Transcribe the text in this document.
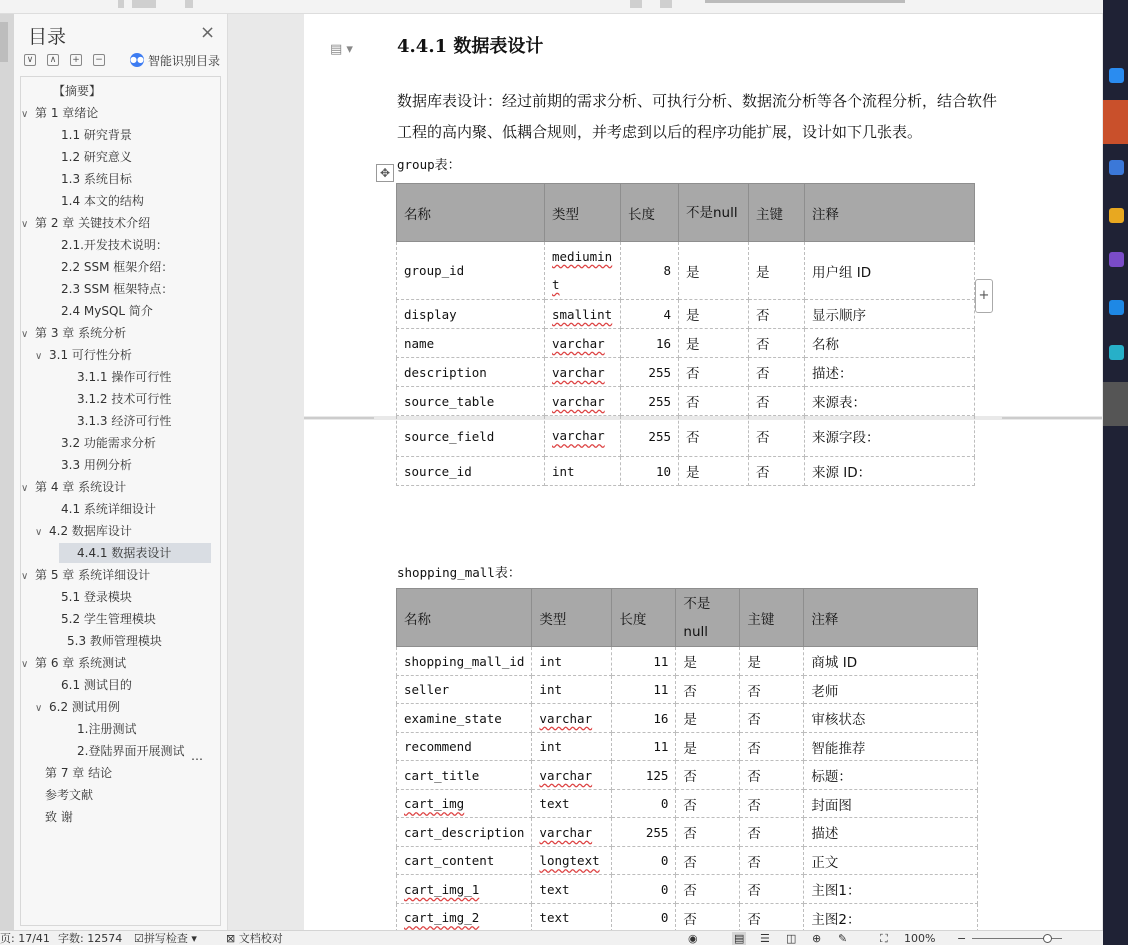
目录	×
∨	∧	+ −	●● 智能识别目录
【摘要】
∨ 第 1 章绪论
1.1 研究背景
1.2 研究意义
1.3 系统目标
1.4 本文的结构
∨ 第 2 章 关键技术介绍
2.1.开发技术说明：
2.2 SSM 框架介绍：
2.3 SSM 框架特点：
2.4 MySQL 简介
∨ 第 3 章 系统分析
∨ 3.1 可行性分析
3.1.1 操作可行性
3.1.2 技术可行性
3.1.3 经济可行性
3.2 功能需求分析
3.3 用例分析
∨ 第 4 章 系统设计
4.1 系统详细设计
∨ 4.2 数据库设计
4.4.1 数据表设计
∨ 第 5 章 系统详细设计
5.1 登录模块
5.2 学生管理模块
5.3 教师管理模块
∨ 第 6 章 系统测试
6.1 测试目的
∨ 6.2 测试用例
1.注册测试
2.登陆界面开展测试
第 7 章 结论
参考文献
致 谢
…
▤ ▾ 4.4.1 数据表设计
数据库表设计：经过前期的需求分析、可执行分析、数据流分析等各个流程分析，结合软件工程的高内聚、低耦合规则，并考虑到以后的程序功能扩展，设计如下几张表。
group表：
✥
名称	类型	长度	不是null	主键	注释
group_id	mediumint	8	是	是	用户组 ID
display	smallint	4	是	否	显示顺序
name	varchar	16	是	否	名称
description	varchar	255	否	否	描述：
source_table	varchar	255	否	否	来源表：
source_field	varchar	255	否	否	来源字段：
source_id	int	10	是	否	来源 ID：
+
shopping_mall表：
名称	类型	长度	不是null	主键	注释
shopping_mall_id	int	11	是	是	商城 ID
seller	int	11	否	否	老师
examine_state	varchar	16	是	否	审核状态
recommend	int	11	是	否	智能推荐
cart_title	varchar	125	否	否	标题：
cart_img	text	0	否	否	封面图
cart_description	varchar	255	否	否	描述
cart_content	longtext	0	否	否	正文
cart_img_1	text	0	否	否	主图1：
cart_img_2	text	0	否	否	主图2：
页: 17/41 字数: 12574 ☑拼写检查 ▾	⊠ 文档校对	◉	▤ ☰ ◫ ⊕ ✎	⛶ 100% −
